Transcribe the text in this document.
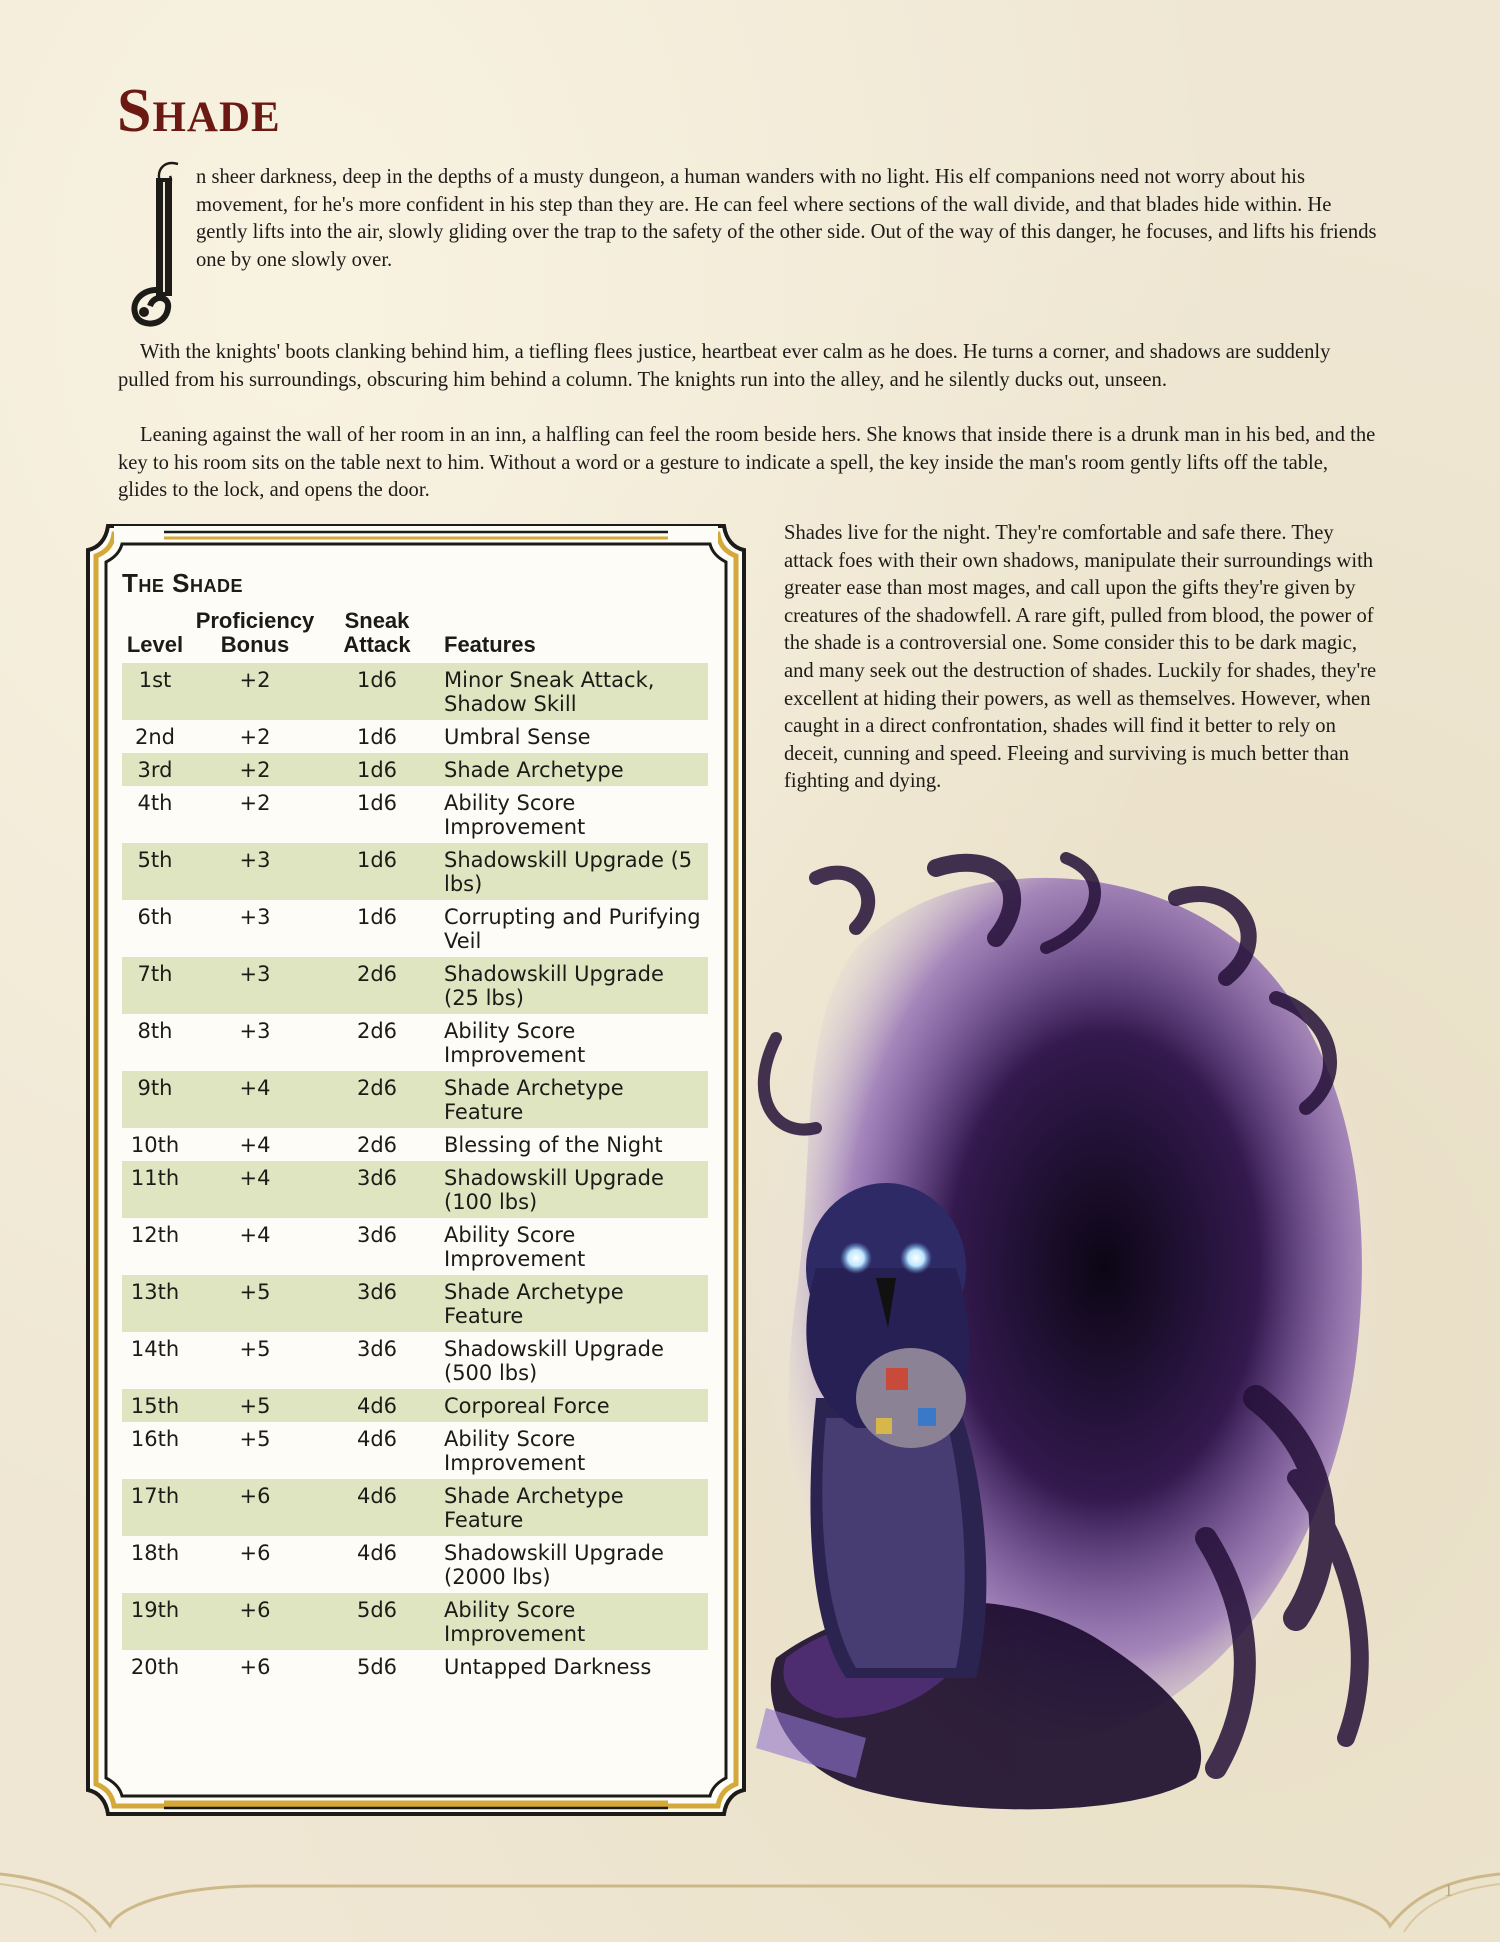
Shade

n sheer darkness, deep in the depths of a musty dungeon, a human wanders with no light. His elf companions need not worry about his movement, for he's more confident in his step than they are. He can feel where sections of the wall divide, and that blades hide within. He gently lifts into the air, slowly gliding over the trap to the safety of the other side. Out of the way of this danger, he focuses, and lifts his friends one by one slowly over.

With the knights' boots clanking behind him, a tiefling flees justice, heartbeat ever calm as he does. He turns a corner, and shadows are suddenly pulled from his surroundings, obscuring him behind a column. The knights run into the alley, and he silently ducks out, unseen.

Leaning against the wall of her room in an inn, a halfling can feel the room beside hers. She knows that inside there is a drunk man in his bed, and the key to his room sits on the table next to him. Without a word or a gesture to indicate a spell, the key inside the man's room gently lifts off the table, glides to the lock, and opens the door.

The Shade
Level	Proficiency Bonus	Sneak Attack	Features
1st	+2	1d6	Minor Sneak Attack, Shadow Skill
2nd	+2	1d6	Umbral Sense
3rd	+2	1d6	Shade Archetype
4th	+2	1d6	Ability Score Improvement
5th	+3	1d6	Shadowskill Upgrade (5 lbs)
6th	+3	1d6	Corrupting and Purifying Veil
7th	+3	2d6	Shadowskill Upgrade (25 lbs)
8th	+3	2d6	Ability Score Improvement
9th	+4	2d6	Shade Archetype Feature
10th	+4	2d6	Blessing of the Night
11th	+4	3d6	Shadowskill Upgrade (100 lbs)
12th	+4	3d6	Ability Score Improvement
13th	+5	3d6	Shade Archetype Feature
14th	+5	3d6	Shadowskill Upgrade (500 lbs)
15th	+5	4d6	Corporeal Force
16th	+5	4d6	Ability Score Improvement
17th	+6	4d6	Shade Archetype Feature
18th	+6	4d6	Shadowskill Upgrade (2000 lbs)
19th	+6	5d6	Ability Score Improvement
20th	+6	5d6	Untapped Darkness

Shades live for the night. They're comfortable and safe there. They attack foes with their own shadows, manipulate their surroundings with greater ease than most mages, and call upon the gifts they're given by creatures of the shadowfell. A rare gift, pulled from blood, the power of the shade is a controversial one. Some consider this to be dark magic, and many seek out the destruction of shades. Luckily for shades, they're excellent at hiding their powers, as well as themselves. However, when caught in a direct confrontation, shades will find it better to rely on deceit, cunning and speed. Fleeing and surviving is much better than fighting and dying.

1
